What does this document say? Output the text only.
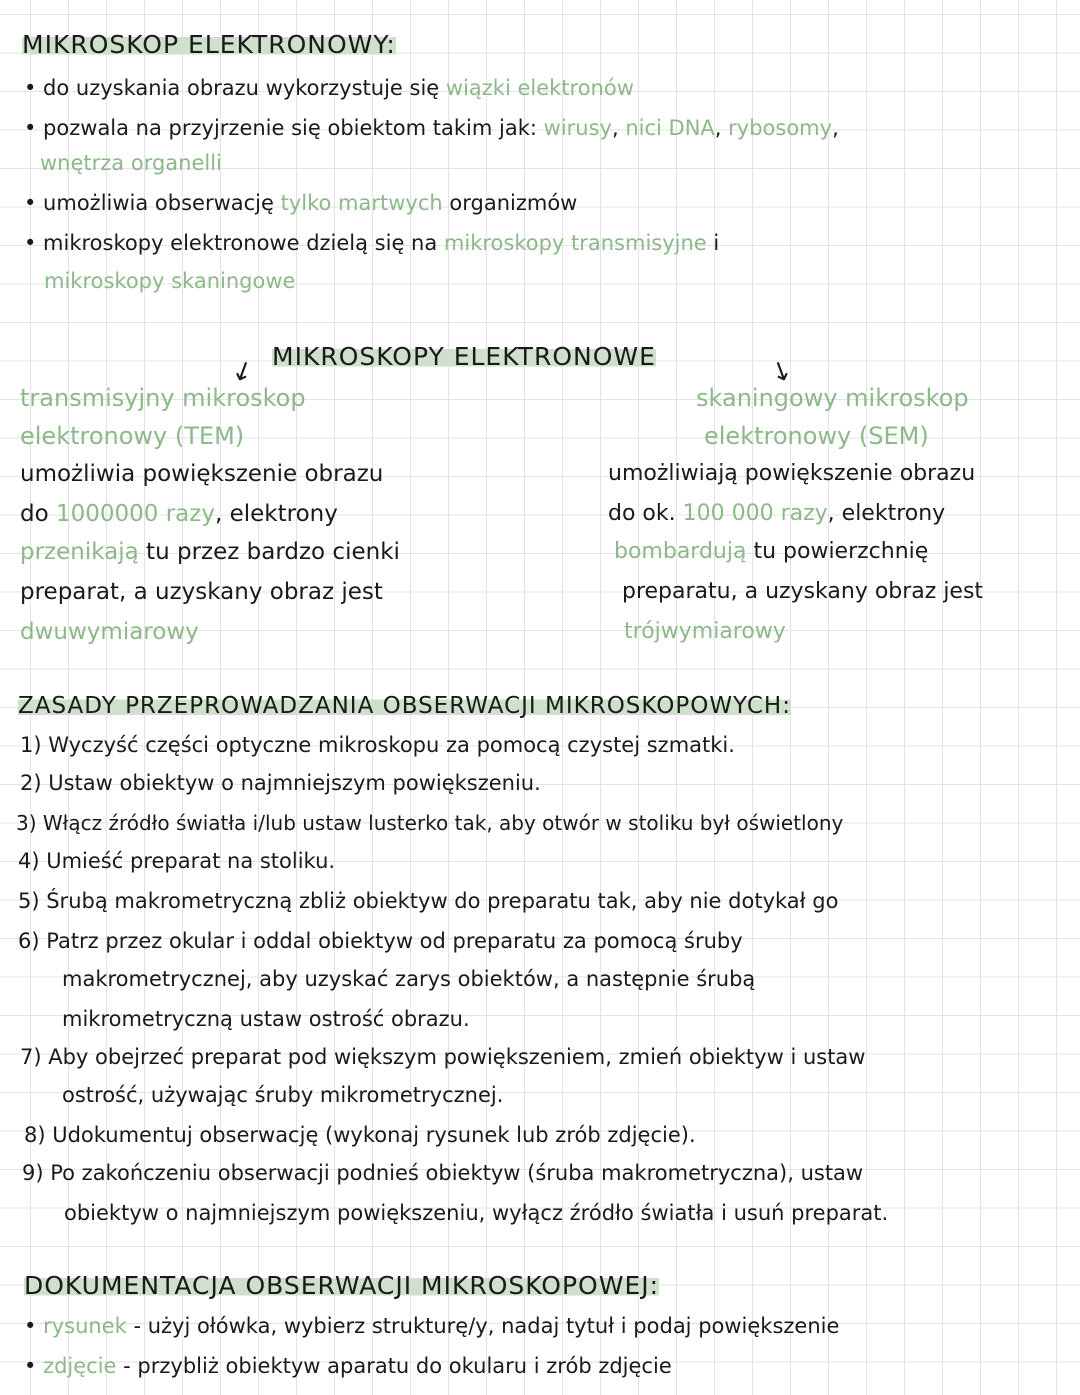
MIKROSKOP ELEKTRONOWY:
• do uzyskania obrazu wykorzystuje się wiązki elektronów
• pozwala na przyjrzenie się obiektom takim jak: wirusy, nici DNA, rybosomy,
wnętrza organelli
• umożliwia obserwację tylko martwych organizmów
• mikroskopy elektronowe dzielą się na mikroskopy transmisyjne i
mikroskopy skaningowe
↙ MIKROSKOPY ELEKTRONOWE	↘
transmisyjny mikroskop
elektronowy (TEM)
umożliwia powiększenie obrazu
do 1000000 razy, elektrony
przenikają tu przez bardzo cienki
preparat, a uzyskany obraz jest
dwuwymiarowy
skaningowy mikroskop
elektronowy (SEM)
umożliwiają powiększenie obrazu
do ok. 100 000 razy, elektrony
bombardują tu powierzchnię
preparatu, a uzyskany obraz jest
trójwymiarowy
ZASADY PRZEPROWADZANIA OBSERWACJI MIKROSKOPOWYCH:
1) Wyczyść części optyczne mikroskopu za pomocą czystej szmatki.
2) Ustaw obiektyw o najmniejszym powiększeniu.
3) Włącz źródło światła i/lub ustaw lusterko tak, aby otwór w stoliku był oświetlony
4) Umieść preparat na stoliku.
5) Śrubą makrometryczną zbliż obiektyw do preparatu tak, aby nie dotykał go
6) Patrz przez okular i oddal obiektyw od preparatu za pomocą śruby
makrometrycznej, aby uzyskać zarys obiektów, a następnie śrubą
mikrometryczną ustaw ostrość obrazu.
7) Aby obejrzeć preparat pod większym powiększeniem, zmień obiektyw i ustaw
ostrość, używając śruby mikrometrycznej.
8) Udokumentuj obserwację (wykonaj rysunek lub zrób zdjęcie).
9) Po zakończeniu obserwacji podnieś obiektyw (śruba makrometryczna), ustaw
obiektyw o najmniejszym powiększeniu, wyłącz źródło światła i usuń preparat.
DOKUMENTACJA OBSERWACJI MIKROSKOPOWEJ:
• rysunek - użyj ołówka, wybierz strukturę/y, nadaj tytuł i podaj powiększenie
• zdjęcie - przybliż obiektyw aparatu do okularu i zrób zdjęcie
